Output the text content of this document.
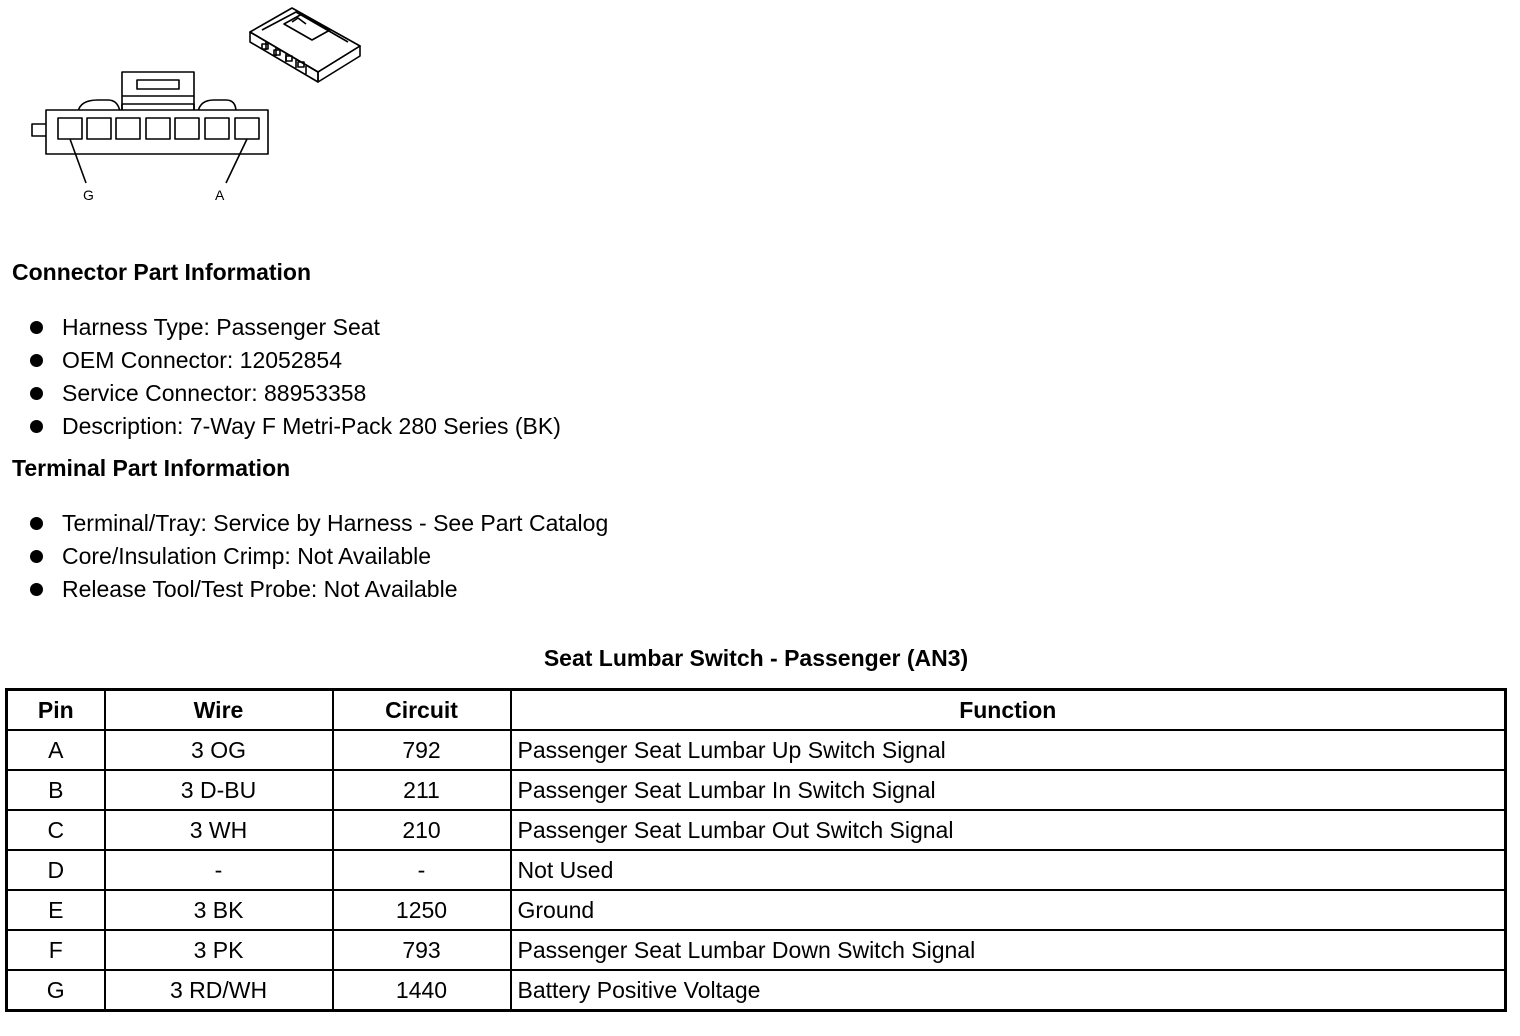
G	A
Connector Part Information
Harness Type: Passenger Seat
OEM Connector: 12052854
Service Connector: 88953358
Description: 7-Way F Metri-Pack 280 Series (BK)
Terminal Part Information
Terminal/Tray: Service by Harness - See Part Catalog
Core/Insulation Crimp: Not Available
Release Tool/Test Probe: Not Available
Seat Lumbar Switch - Passenger (AN3)
Pin	Wire	Circuit	Function
A	3 OG	792	Passenger Seat Lumbar Up Switch Signal
B	3 D-BU	211	Passenger Seat Lumbar In Switch Signal
C	3 WH	210	Passenger Seat Lumbar Out Switch Signal
D	-	-	Not Used
E	3 BK	1250	Ground
F	3 PK	793	Passenger Seat Lumbar Down Switch Signal
G	3 RD/WH	1440	Battery Positive Voltage
